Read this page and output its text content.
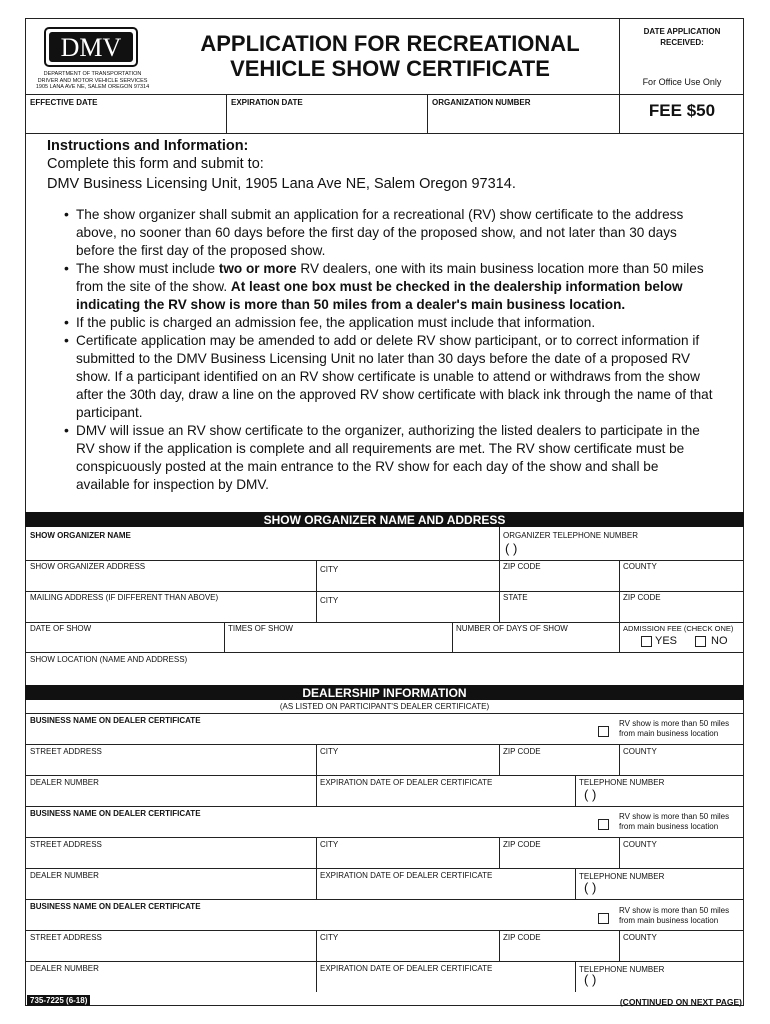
DMV
DEPARTMENT OF TRANSPORTATION
DRIVER AND MOTOR VEHICLE SERVICES
1905 LANA AVE NE, SALEM OREGON 97314
APPLICATION FOR RECREATIONAL
VEHICLE SHOW CERTIFICATE
DATE APPLICATION
RECEIVED:
For Office Use Only
EFFECTIVE DATE	EXPIRATION DATE	ORGANIZATION NUMBER	FEE $50
Instructions and Information:
Complete this form and submit to:
DMV Business Licensing Unit, 1905 Lana Ave NE, Salem Oregon 97314.
• The show organizer shall submit an application for a recreational (RV) show certificate to the address above, no sooner than 60 days before the first day of the proposed show, and not later than 30 days before the first day of the proposed show.
• The show must include two or more RV dealers, one with its main business location more than 50 miles from the site of the show. At least one box must be checked in the dealership information below indicating the RV show is more than 50 miles from a dealer's main business location.
• If the public is charged an admission fee, the application must include that information.
• Certificate application may be amended to add or delete RV show participant, or to correct information if submitted to the DMV Business Licensing Unit no later than 30 days before the date of a proposed RV show. If a participant identified on an RV show certificate is unable to attend or withdraws from the show after the 30th day, draw a line on the approved RV show certificate with black ink through the name of that participant.
• DMV will issue an RV show certificate to the organizer, authorizing the listed dealers to participate in the RV show if the application is complete and all requirements are met. The RV show certificate must be conspicuously posted at the main entrance to the RV show for each day of the show and shall be available for inspection by DMV.
SHOW ORGANIZER NAME AND ADDRESS
SHOW ORGANIZER NAME	ORGANIZER TELEPHONE NUMBER
( )
SHOW ORGANIZER ADDRESS	CITY	ZIP CODE	COUNTY
MAILING ADDRESS (IF DIFFERENT THAN ABOVE)	CITY	STATE	ZIP CODE
DATE OF SHOW	TIMES OF SHOW	NUMBER OF DAYS OF SHOW	ADMISSION FEE (CHECK ONE)
YES	NO
SHOW LOCATION (NAME AND ADDRESS)
DEALERSHIP INFORMATION
(AS LISTED ON PARTICIPANT'S DEALER CERTIFICATE)
BUSINESS NAME ON DEALER CERTIFICATE	RV show is more than 50 miles
from main business location
STREET ADDRESS	CITY	ZIP CODE	COUNTY
DEALER NUMBER	EXPIRATION DATE OF DEALER CERTIFICATE	TELEPHONE NUMBER
( )
BUSINESS NAME ON DEALER CERTIFICATE	RV show is more than 50 miles
from main business location
STREET ADDRESS	CITY	ZIP CODE	COUNTY
DEALER NUMBER	EXPIRATION DATE OF DEALER CERTIFICATE	TELEPHONE NUMBER
( )
BUSINESS NAME ON DEALER CERTIFICATE	RV show is more than 50 miles
from main business location
STREET ADDRESS	CITY	ZIP CODE	COUNTY
DEALER NUMBER	EXPIRATION DATE OF DEALER CERTIFICATE	TELEPHONE NUMBER
( )
735-7225 (6-18)	(CONTINUED ON NEXT PAGE)
